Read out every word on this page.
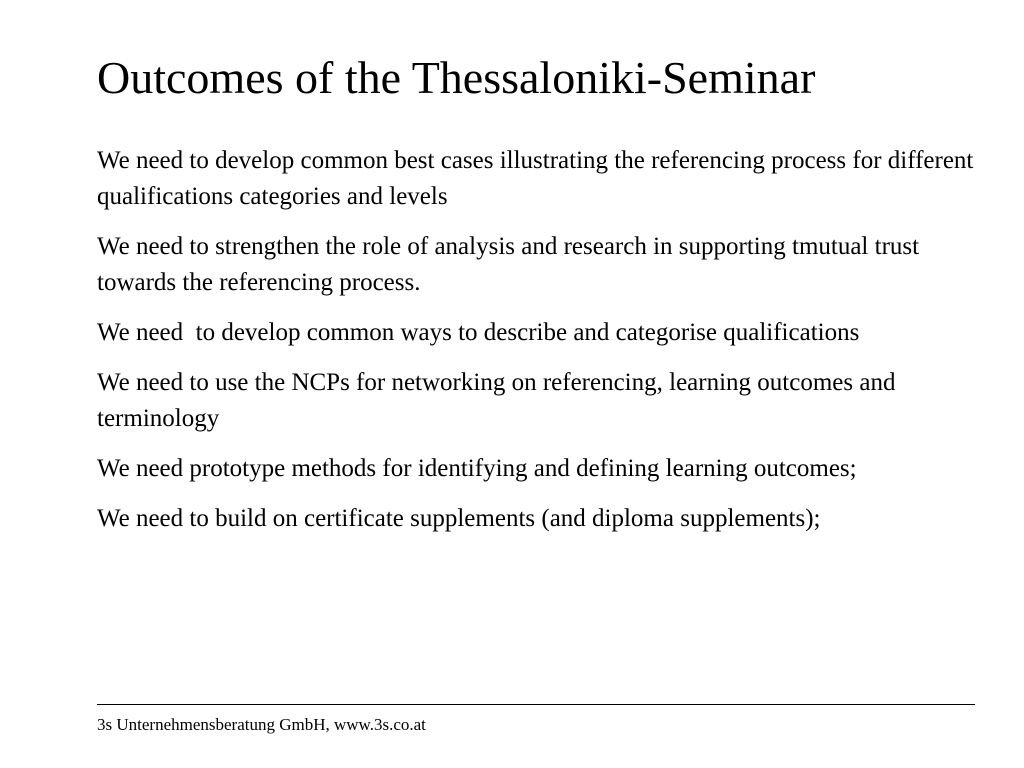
Outcomes of the Thessaloniki-Seminar
We need to develop common best cases illustrating the referencing process for different qualifications categories and levels
We need to strengthen the role of analysis and research in supporting tmutual trust towards the referencing process.
We need  to develop common ways to describe and categorise qualifications
We need to use the NCPs for networking on referencing, learning outcomes and terminology
We need prototype methods for identifying and defining learning outcomes;
We need to build on certificate supplements (and diploma supplements);
3s Unternehmensberatung GmbH, www.3s.co.at
